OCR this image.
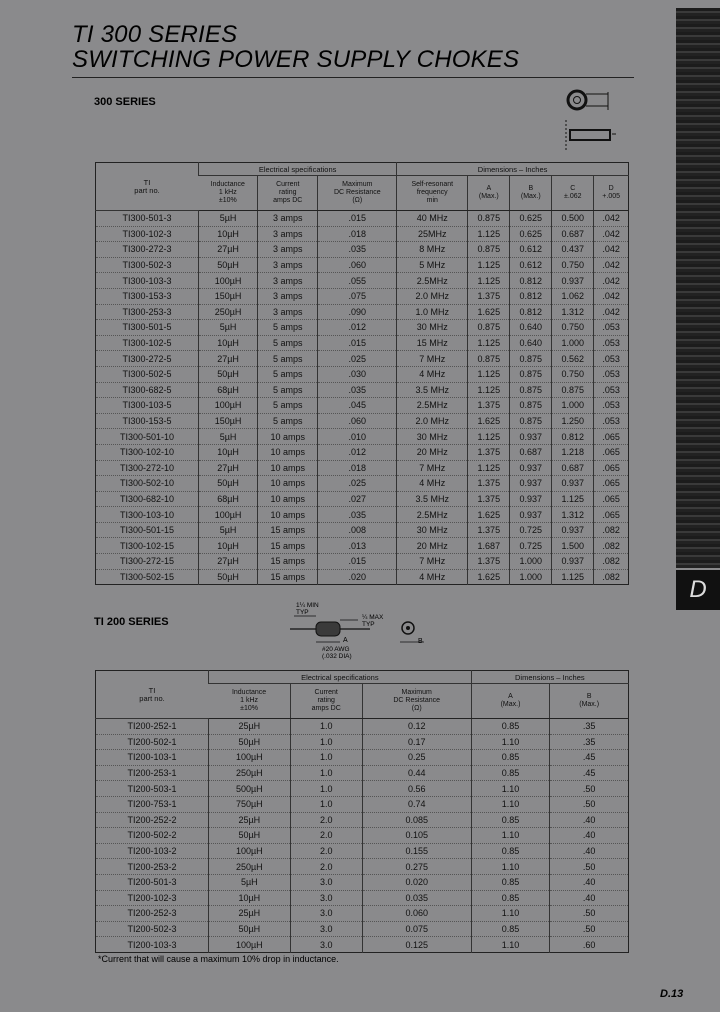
TI 300 SERIES
SWITCHING POWER SUPPLY CHOKES
D
300 SERIES
TI
part no.	Electrical specifications			Dimensions – Inches				
	Inductance
1 kHz
±10%	Current
rating
amps DC	Maximum
DC Resistance
(Ω)	Self-resonant
frequency
min	A
(Max.)	B
(Max.)	C
±.062	D
+.005
TI300-501-3	5µH	3 amps	.015	40 MHz	0.875	0.625	0.500	.042
TI300-102-3	10µH	3 amps	.018	25MHz	1.125	0.625	0.687	.042
TI300-272-3	27µH	3 amps	.035	8 MHz	0.875	0.612	0.437	.042
TI300-502-3	50µH	3 amps	.060	5 MHz	1.125	0.612	0.750	.042
TI300-103-3	100µH	3 amps	.055	2.5MHz	1.125	0.812	0.937	.042
TI300-153-3	150µH	3 amps	.075	2.0 MHz	1.375	0.812	1.062	.042
TI300-253-3	250µH	3 amps	.090	1.0 MHz	1.625	0.812	1.312	.042
TI300-501-5	5µH	5 amps	.012	30 MHz	0.875	0.640	0.750	.053
TI300-102-5	10µH	5 amps	.015	15 MHz	1.125	0.640	1.000	.053
TI300-272-5	27µH	5 amps	.025	7 MHz	0.875	0.875	0.562	.053
TI300-502-5	50µH	5 amps	.030	4 MHz	1.125	0.875	0.750	.053
TI300-682-5	68µH	5 amps	.035	3.5 MHz	1.125	0.875	0.875	.053
TI300-103-5	100µH	5 amps	.045	2.5MHz	1.375	0.875	1.000	.053
TI300-153-5	150µH	5 amps	.060	2.0 MHz	1.625	0.875	1.250	.053
TI300-501-10	5µH	10 amps	.010	30 MHz	1.125	0.937	0.812	.065
TI300-102-10	10µH	10 amps	.012	20 MHz	1.375	0.687	1.218	.065
TI300-272-10	27µH	10 amps	.018	7 MHz	1.125	0.937	0.687	.065
TI300-502-10	50µH	10 amps	.025	4 MHz	1.375	0.937	0.937	.065
TI300-682-10	68µH	10 amps	.027	3.5 MHz	1.375	0.937	1.125	.065
TI300-103-10	100µH	10 amps	.035	2.5MHz	1.625	0.937	1.312	.065
TI300-501-15	5µH	15 amps	.008	30 MHz	1.375	0.725	0.937	.082
TI300-102-15	10µH	15 amps	.013	20 MHz	1.687	0.725	1.500	.082
TI300-272-15	27µH	15 amps	.015	7 MHz	1.375	1.000	0.937	.082
TI300-502-15	50µH	15 amps	.020	4 MHz	1.625	1.000	1.125	.082
TI 200 SERIES
1¼ MIN
TYP
¼ MAX
TYP
#20 AWG
(.032 DIA)
A	B
TI
part no.	Electrical specifications			Dimensions – Inches	
	Inductance
1 kHz
±10%	Current
rating
amps DC	Maximum
DC Resistance
(Ω)	A
(Max.)	B
(Max.)
TI200-252-1	25µH	1.0	0.12	0.85	.35
TI200-502-1	50µH	1.0	0.17	1.10	.35
TI200-103-1	100µH	1.0	0.25	0.85	.45
TI200-253-1	250µH	1.0	0.44	0.85	.45
TI200-503-1	500µH	1.0	0.56	1.10	.50
TI200-753-1	750µH	1.0	0.74	1.10	.50
TI200-252-2	25µH	2.0	0.085	0.85	.40
TI200-502-2	50µH	2.0	0.105	1.10	.40
TI200-103-2	100µH	2.0	0.155	0.85	.40
TI200-253-2	250µH	2.0	0.275	1.10	.50
TI200-501-3	5µH	3.0	0.020	0.85	.40
TI200-102-3	10µH	3.0	0.035	0.85	.40
TI200-252-3	25µH	3.0	0.060	1.10	.50
TI200-502-3	50µH	3.0	0.075	0.85	.50
TI200-103-3	100µH	3.0	0.125	1.10	.60
*Current that will cause a maximum 10% drop in inductance.
D.13
